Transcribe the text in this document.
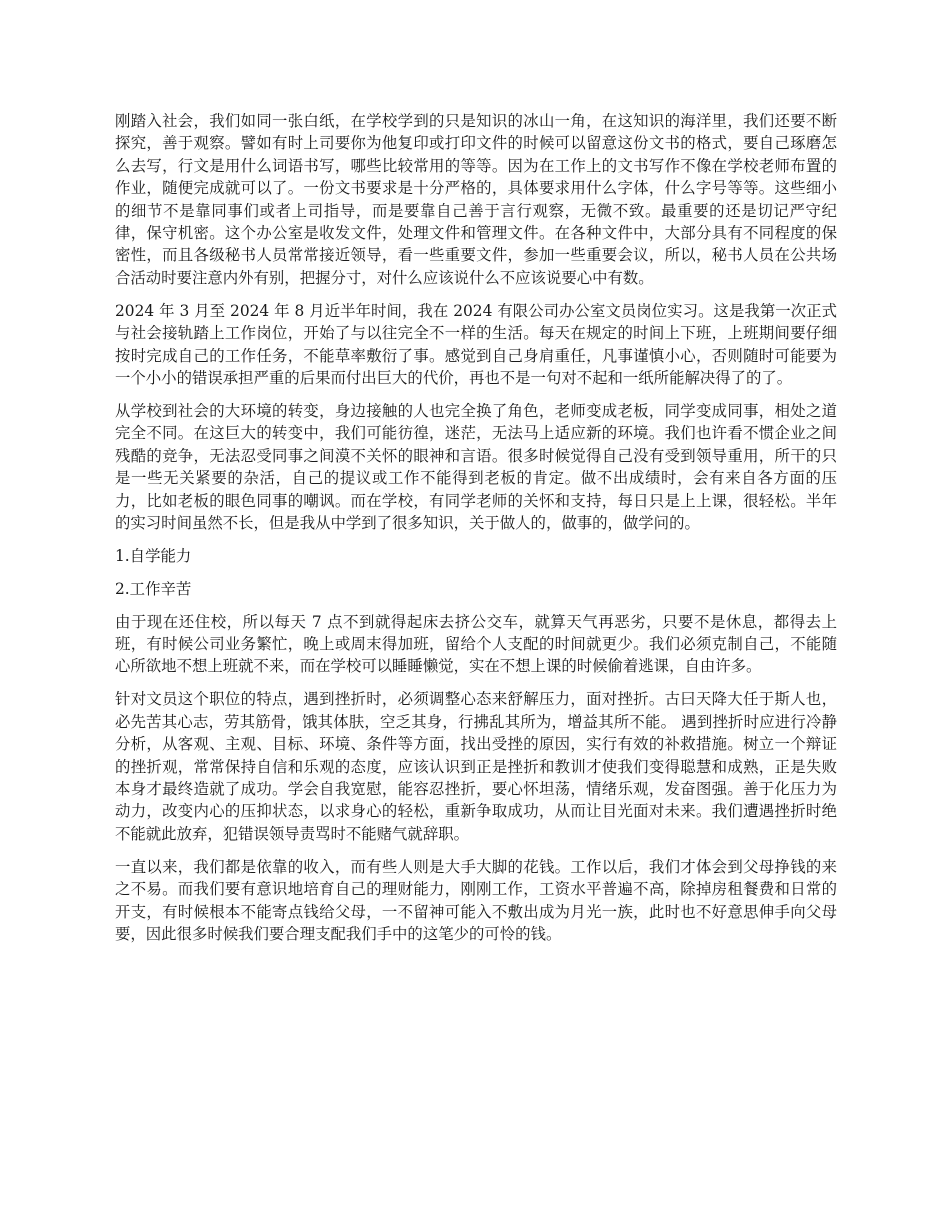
刚踏入社会，我们如同一张白纸，在学校学到的只是知识的冰山一角，在这知识的海洋里，我们还要不断探究，善于观察。譬如有时上司要你为他复印或打印文件的时候可以留意这份文书的格式，要自己琢磨怎么去写，行文是用什么词语书写，哪些比较常用的等等。因为在工作上的文书写作不像在学校老师布置的作业，随便完成就可以了。一份文书要求是十分严格的，具体要求用什么字体，什么字号等等。这些细小的细节不是靠同事们或者上司指导，而是要靠自己善于言行观察，无微不致。最重要的还是切记严守纪律，保守机密。这个办公室是收发文件，处理文件和管理文件。在各种文件中，大部分具有不同程度的保密性，而且各级秘书人员常常接近领导，看一些重要文件，参加一些重要会议，所以，秘书人员在公共场合活动时要注意内外有别，把握分寸，对什么应该说什么不应该说要心中有数。

2024 年 3 月至 2024 年 8 月近半年时间，我在 2024 有限公司办公室文员岗位实习。这是我第一次正式与社会接轨踏上工作岗位，开始了与以往完全不一样的生活。每天在规定的时间上下班，上班期间要仔细按时完成自己的工作任务，不能草率敷衍了事。感觉到自己身肩重任，凡事谨慎小心，否则随时可能要为一个小小的错误承担严重的后果而付出巨大的代价，再也不是一句对不起和一纸所能解决得了的了。

从学校到社会的大环境的转变，身边接触的人也完全换了角色，老师变成老板，同学变成同事，相处之道完全不同。在这巨大的转变中，我们可能彷徨，迷茫，无法马上适应新的环境。我们也许看不惯企业之间残酷的竞争，无法忍受同事之间漠不关怀的眼神和言语。很多时候觉得自己没有受到领导重用，所干的只是一些无关紧要的杂活，自己的提议或工作不能得到老板的肯定。做不出成绩时，会有来自各方面的压力，比如老板的眼色同事的嘲讽。而在学校，有同学老师的关怀和支持，每日只是上上课，很轻松。半年的实习时间虽然不长，但是我从中学到了很多知识，关于做人的，做事的，做学问的。

1.自学能力

2.工作辛苦

由于现在还住校，所以每天 7 点不到就得起床去挤公交车，就算天气再恶劣，只要不是休息，都得去上班，有时候公司业务繁忙，晚上或周末得加班，留给个人支配的时间就更少。我们必须克制自己，不能随心所欲地不想上班就不来，而在学校可以睡睡懒觉，实在不想上课的时候偷着逃课，自由许多。

针对文员这个职位的特点，遇到挫折时，必须调整心态来舒解压力，面对挫折。古曰天降大任于斯人也，必先苦其心志，劳其筋骨，饿其体肤，空乏其身，行拂乱其所为，增益其所不能。 遇到挫折时应进行冷静分析，从客观、主观、目标、环境、条件等方面，找出受挫的原因，实行有效的补救措施。树立一个辩证的挫折观，常常保持自信和乐观的态度，应该认识到正是挫折和教训才使我们变得聪慧和成熟，正是失败本身才最终造就了成功。学会自我宽慰，能容忍挫折，要心怀坦荡，情绪乐观，发奋图强。善于化压力为动力，改变内心的压抑状态，以求身心的轻松，重新争取成功，从而让目光面对未来。我们遭遇挫折时绝不能就此放弃，犯错误领导责骂时不能赌气就辞职。

一直以来，我们都是依靠的收入，而有些人则是大手大脚的花钱。工作以后，我们才体会到父母挣钱的来之不易。而我们要有意识地培育自己的理财能力，刚刚工作，工资水平普遍不高，除掉房租餐费和日常的开支，有时候根本不能寄点钱给父母，一不留神可能入不敷出成为月光一族，此时也不好意思伸手向父母要，因此很多时候我们要合理支配我们手中的这笔少的可怜的钱。
